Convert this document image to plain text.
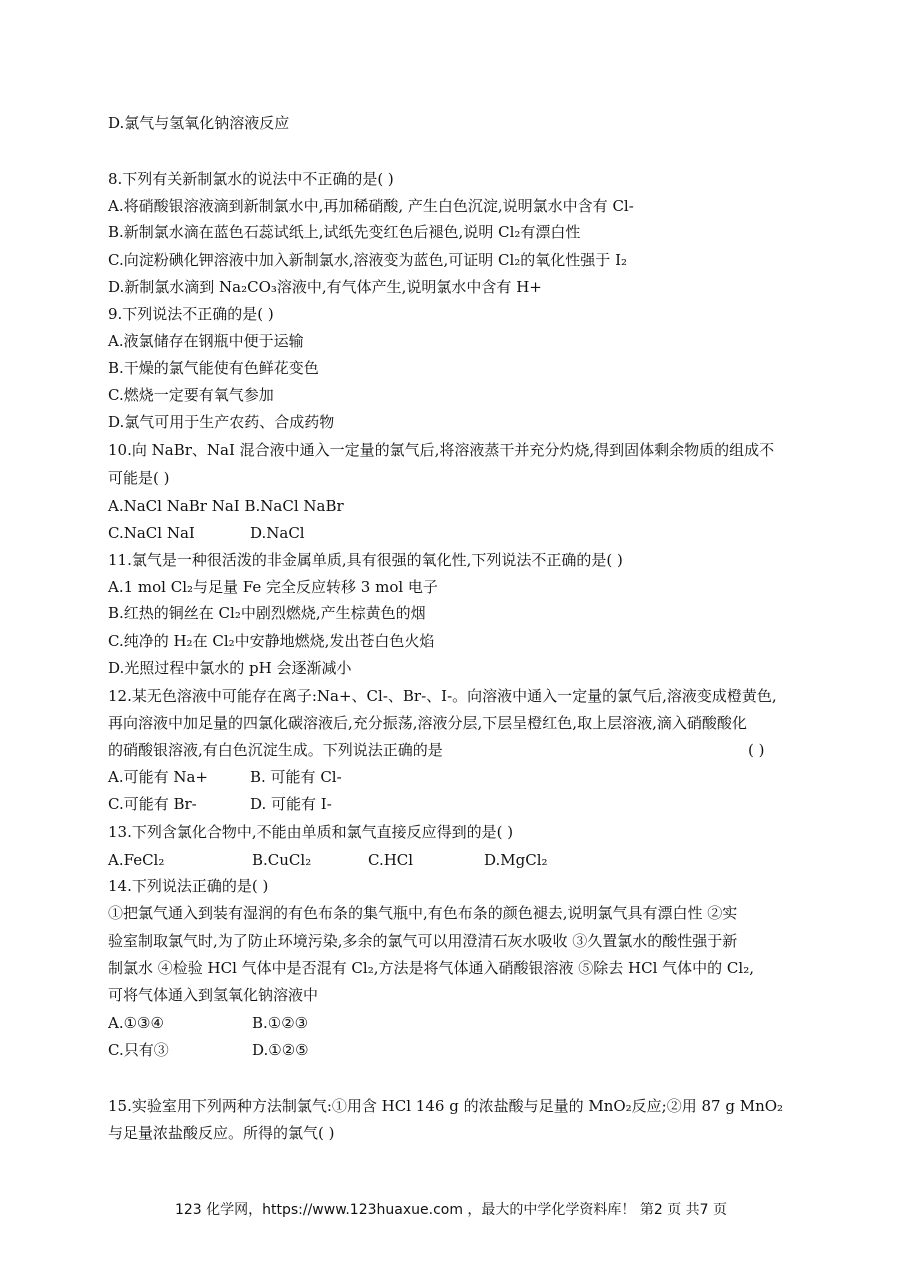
D.氯气与氢氧化钠溶液反应
8.下列有关新制氯水的说法中不正确的是( )
A.将硝酸银溶液滴到新制氯水中,再加稀硝酸, 产生白色沉淀,说明氯水中含有 Cl-
B.新制氯水滴在蓝色石蕊试纸上,试纸先变红色后褪色,说明 Cl₂有漂白性
C.向淀粉碘化钾溶液中加入新制氯水,溶液变为蓝色,可证明 Cl₂的氧化性强于 I₂
D.新制氯水滴到 Na₂CO₃溶液中,有气体产生,说明氯水中含有 H+
9.下列说法不正确的是( )
A.液氯储存在钢瓶中便于运输
B.干燥的氯气能使有色鲜花变色
C.燃烧一定要有氧气参加
D.氯气可用于生产农药、合成药物
10.向 NaBr、NaI 混合液中通入一定量的氯气后,将溶液蒸干并充分灼烧,得到固体剩余物质的组成不
可能是( )
A.NaCl NaBr NaI B.NaCl NaBr
C.NaCl NaI	D.NaCl
11.氯气是一种很活泼的非金属单质,具有很强的氧化性,下列说法不正确的是( )
A.1 mol Cl₂与足量 Fe 完全反应转移 3 mol 电子
B.红热的铜丝在 Cl₂中剧烈燃烧,产生棕黄色的烟
C.纯净的 H₂在 Cl₂中安静地燃烧,发出苍白色火焰
D.光照过程中氯水的 pH 会逐渐减小
12.某无色溶液中可能存在离子:Na+、Cl-、Br-、I-。向溶液中通入一定量的氯气后,溶液变成橙黄色,
再向溶液中加足量的四氯化碳溶液后,充分振荡,溶液分层,下层呈橙红色,取上层溶液,滴入硝酸酸化
的硝酸银溶液,有白色沉淀生成。下列说法正确的是	( )
A.可能有 Na+	B. 可能有 Cl-
C.可能有 Br-	D. 可能有 I-
13.下列含氯化合物中,不能由单质和氯气直接反应得到的是( )
A.FeCl₂	B.CuCl₂	C.HCl	D.MgCl₂
14.下列说法正确的是( )
①把氯气通入到装有湿润的有色布条的集气瓶中,有色布条的颜色褪去,说明氯气具有漂白性 ②实
验室制取氯气时,为了防止环境污染,多余的氯气可以用澄清石灰水吸收 ③久置氯水的酸性强于新
制氯水 ④检验 HCl 气体中是否混有 Cl₂,方法是将气体通入硝酸银溶液 ⑤除去 HCl 气体中的 Cl₂,
可将气体通入到氢氧化钠溶液中
A.①③④	B.①②③
C.只有③	D.①②⑤
15.实验室用下列两种方法制氯气:①用含 HCl 146 g 的浓盐酸与足量的 MnO₂反应;②用 87 g MnO₂
与足量浓盐酸反应。所得的氯气( )
123 化学网，https://www.123huaxue.com ，最大的中学化学资料库！ 第2 页 共7 页
